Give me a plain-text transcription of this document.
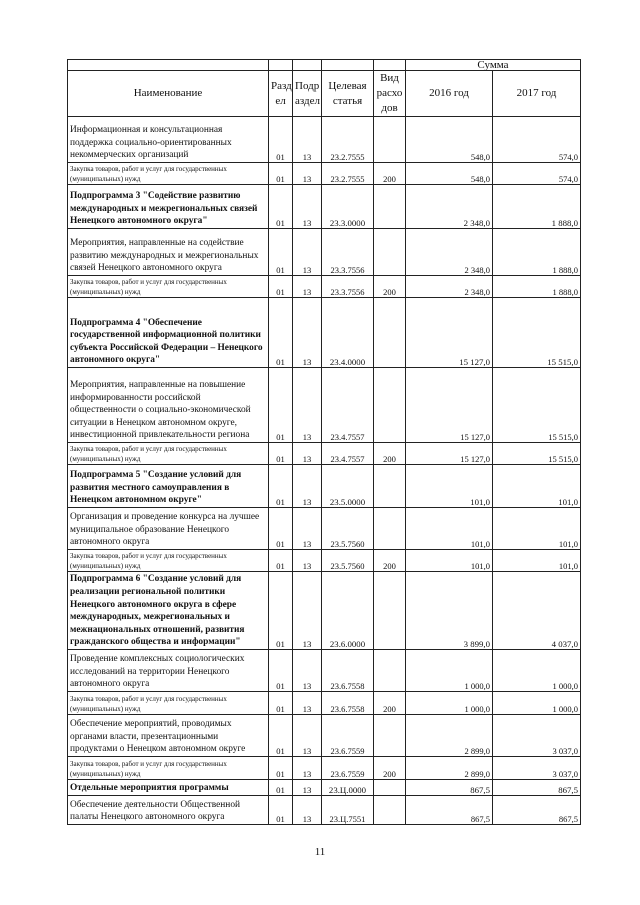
					Сумма	
Наименование	Разд ел	Подр аздел	Целевая статья	Вид расхо дов	2016 год	2017 год
Информационная и консультационная поддержка социально-ориентированных некоммерческих организаций	01	13	23.2.7555		548,0	574,0
Закупка товаров, работ и услуг для государственных (муниципальных) нужд	01	13	23.2.7555	200	548,0	574,0
Подпрограмма 3 "Содействие развитию международных и межрегиональных связей Ненецкого автономного округа"	01	13	23.3.0000		2 348,0	1 888,0
Мероприятия, направленные на содействие развитию международных и межрегиональных связей Ненецкого автономного округа	01	13	23.3.7556		2 348,0	1 888,0
Закупка товаров, работ и услуг для государственных (муниципальных) нужд	01	13	23.3.7556	200	2 348,0	1 888,0
Подпрограмма 4 "Обеспечение государственной информационной политики субъекта Российской Федерации – Ненецкого автономного округа"	01	13	23.4.0000		15 127,0	15 515,0
Мероприятия, направленные на повышение информированности российской общественности о социально-экономической ситуации в Ненецком автономном округе, инвестиционной привлекательности региона	01	13	23.4.7557		15 127,0	15 515,0
Закупка товаров, работ и услуг для государственных (муниципальных) нужд	01	13	23.4.7557	200	15 127,0	15 515,0
Подпрограмма 5 "Создание условий для развития местного самоуправления в Ненецком автономном округе"	01	13	23.5.0000		101,0	101,0
Организация и проведение конкурса на лучшее муниципальное образование Ненецкого автономного округа	01	13	23.5.7560		101,0	101,0
Закупка товаров, работ и услуг для государственных (муниципальных) нужд	01	13	23.5.7560	200	101,0	101,0
Подпрограмма 6 "Создание условий для реализации региональной политики Ненецкого автономного округа в сфере международных, межрегиональных и межнациональных отношений, развития гражданского общества и информации"	01	13	23.6.0000		3 899,0	4 037,0
Проведение комплексных социологических исследований на территории Ненецкого автономного округа	01	13	23.6.7558		1 000,0	1 000,0
Закупка товаров, работ и услуг для государственных (муниципальных) нужд	01	13	23.6.7558	200	1 000,0	1 000,0
Обеспечение мероприятий, проводимых органами власти, презентационными продуктами о Ненецком автономном округе	01	13	23.6.7559		2 899,0	3 037,0
Закупка товаров, работ и услуг для государственных (муниципальных) нужд	01	13	23.6.7559	200	2 899,0	3 037,0
Отдельные мероприятия программы	01	13	23.Ц.0000		867,5	867,5
Обеспечение деятельности Общественной палаты Ненецкого автономного округа	01	13	23.Ц.7551		867,5	867,5
11
